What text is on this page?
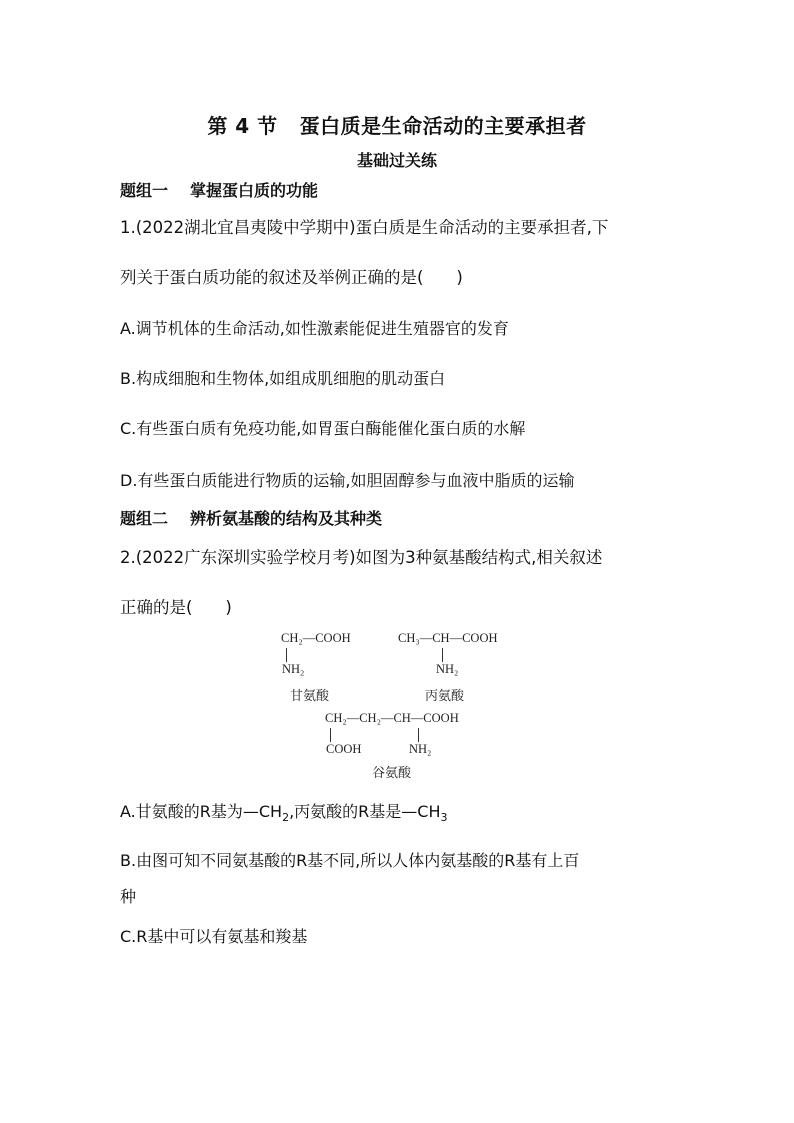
第 4 节 蛋白质是生命活动的主要承担者
基础过关练
题组一 掌握蛋白质的功能
1.(2022湖北宜昌夷陵中学期中)蛋白质是生命活动的主要承担者,下
列关于蛋白质功能的叙述及举例正确的是(　　)
A.调节机体的生命活动,如性激素能促进生殖器官的发育
B.构成细胞和生物体,如组成肌细胞的肌动蛋白
C.有些蛋白质有免疫功能,如胃蛋白酶能催化蛋白质的水解
D.有些蛋白质能进行物质的运输,如胆固醇参与血液中脂质的运输
题组二 辨析氨基酸的结构及其种类
2.(2022广东深圳实验学校月考)如图为3种氨基酸结构式,相关叙述
正确的是(　　)
CH₂—COOH
NH₂
甘氨酸
CH₃—CH—COOH
NH₂
丙氨酸
CH₂—CH₂—CH—COOH
COOH	NH₂
谷氨酸
A.甘氨酸的R基为$—CH_2$,丙氨酸的R基是$—CH_3$
B.由图可知不同氨基酸的R基不同,所以人体内氨基酸的R基有上百
种
C.R基中可以有氨基和羧基
